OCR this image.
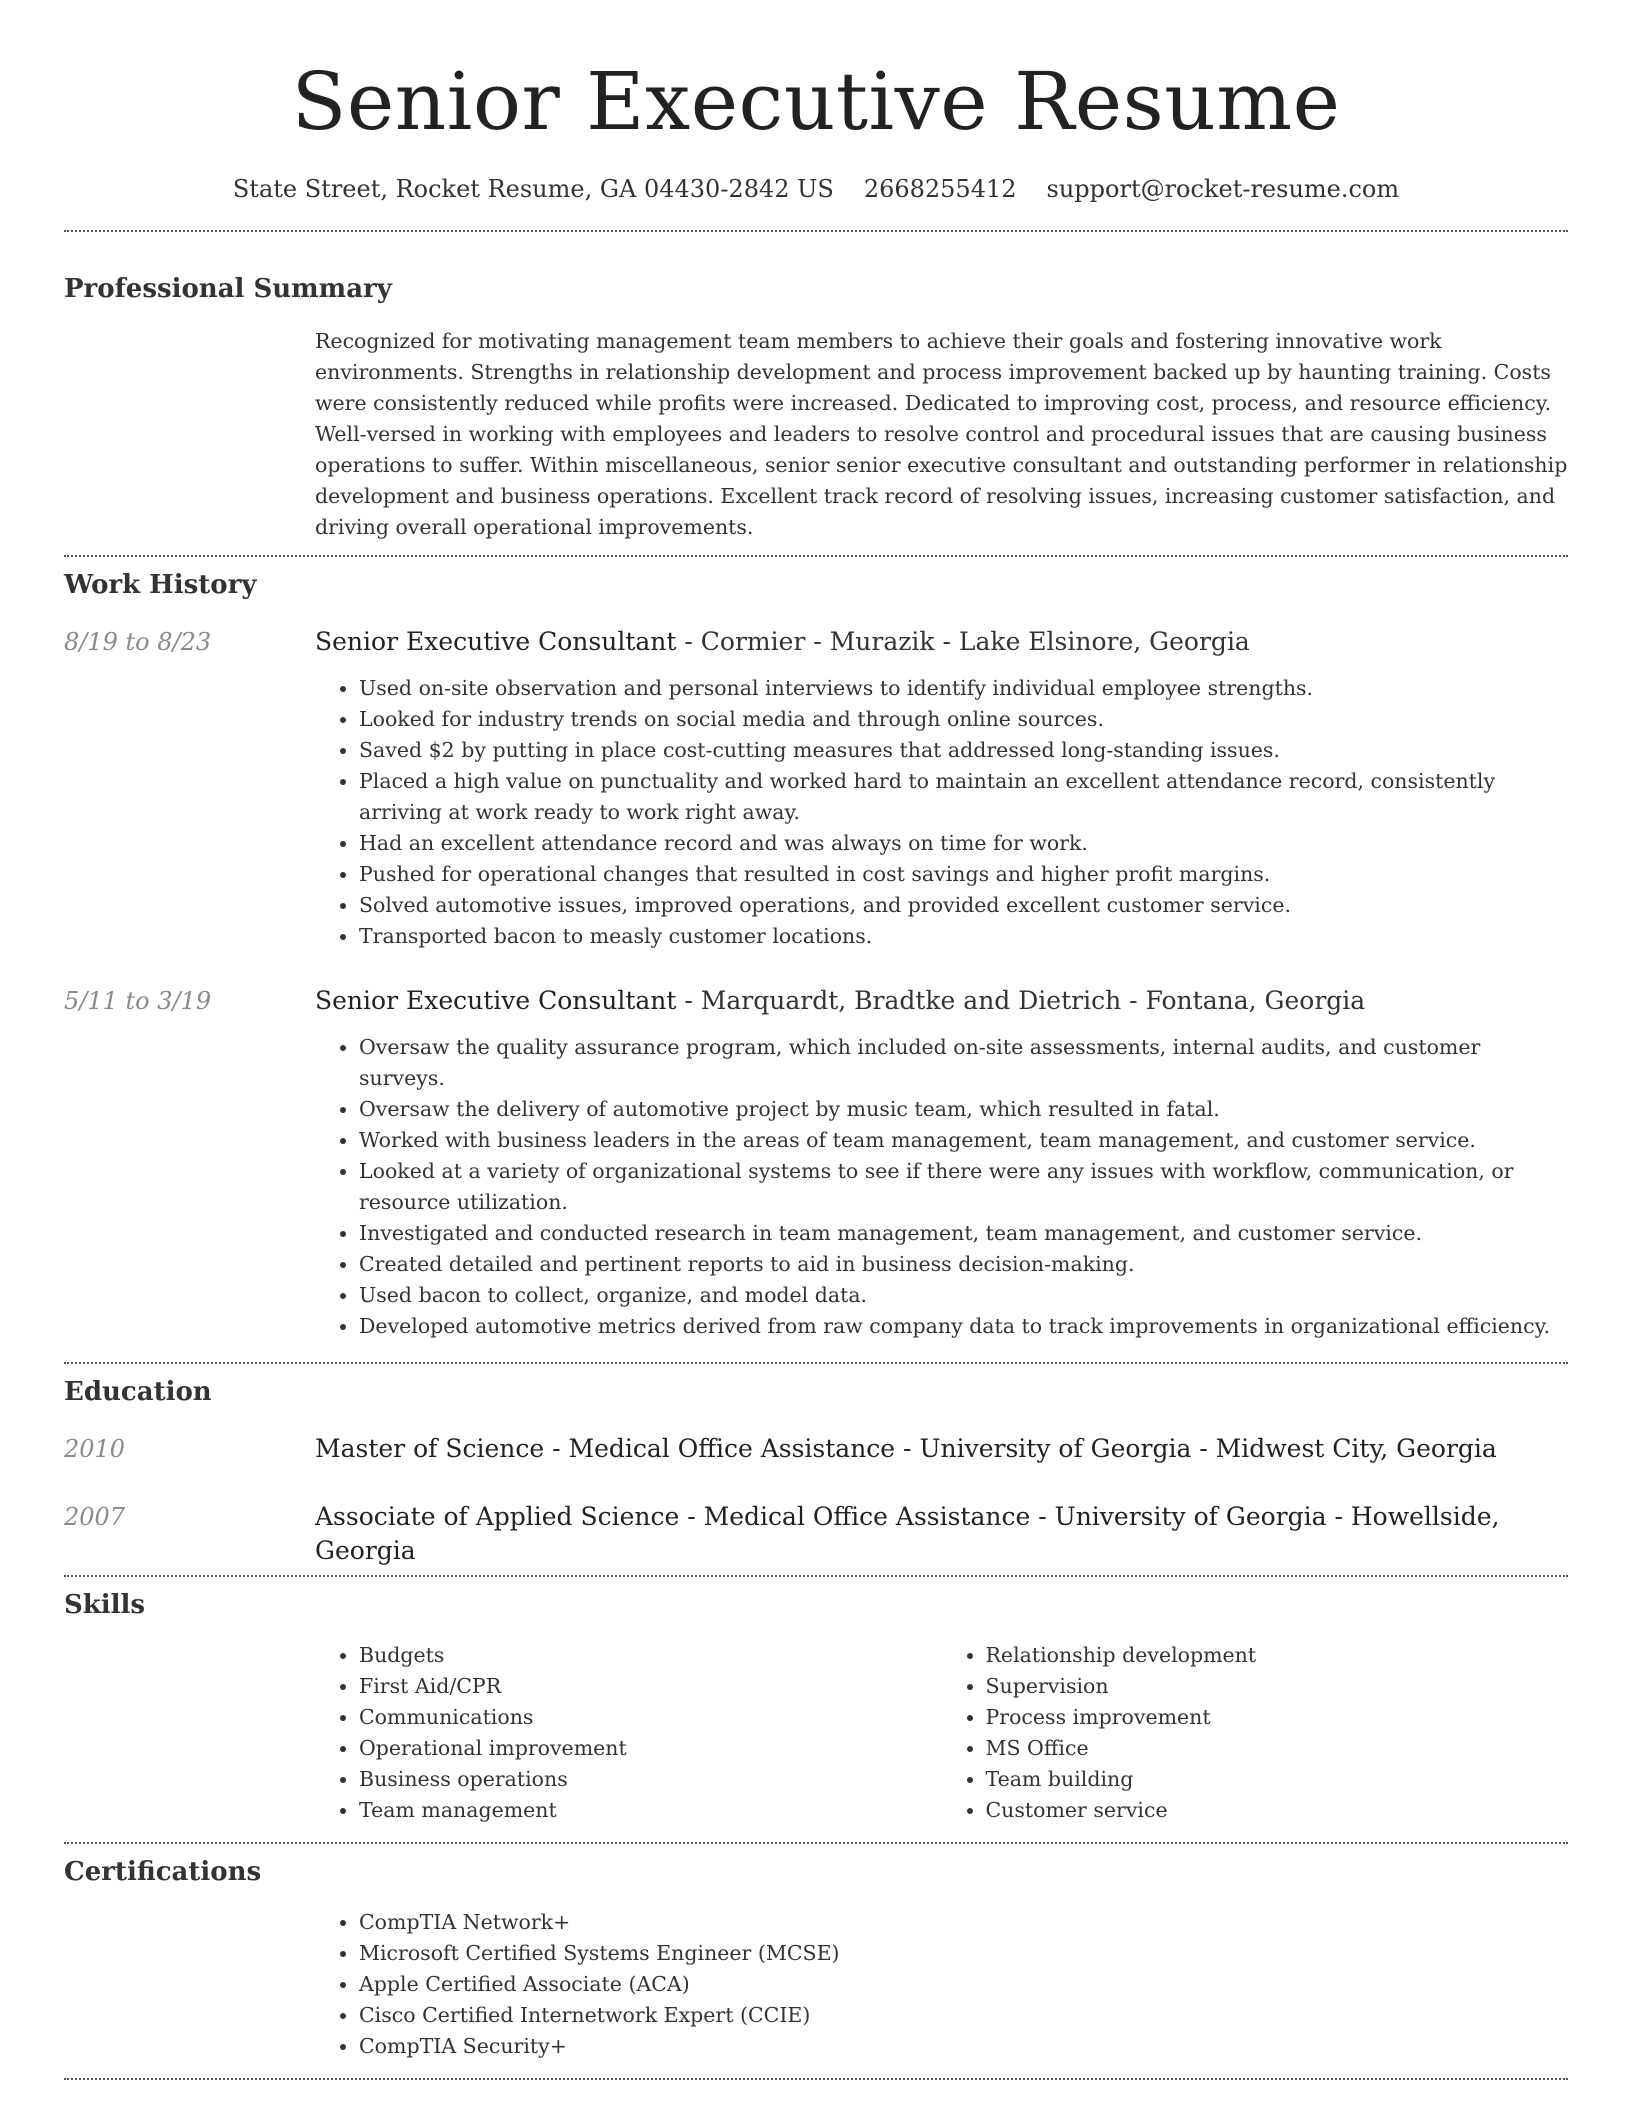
Senior Executive Resume
State Street, Rocket Resume, GA 04430-2842 US 2668255412 support@rocket-resume.com
Professional Summary

Recognized for motivating management team members to achieve their goals and fostering innovative work environments. Strengths in relationship development and process improvement backed up by haunting training. Costs were consistently reduced while profits were increased. Dedicated to improving cost, process, and resource efficiency. Well-versed in working with employees and leaders to resolve control and procedural issues that are causing business operations to suffer. Within miscellaneous, senior senior executive consultant and outstanding performer in relationship development and business operations. Excellent track record of resolving issues, increasing customer satisfaction, and driving overall operational improvements.

Work History
8/19 to 8/23	Senior Executive Consultant - Cormier - Murazik - Lake Elsinore, Georgia

• Used on-site observation and personal interviews to identify individual employee strengths.
• Looked for industry trends on social media and through online sources.
• Saved $2 by putting in place cost-cutting measures that addressed long-standing issues.
• Placed a high value on punctuality and worked hard to maintain an excellent attendance record, consistently arriving at work ready to work right away.
• Had an excellent attendance record and was always on time for work.
• Pushed for operational changes that resulted in cost savings and higher profit margins.
• Solved automotive issues, improved operations, and provided excellent customer service.
• Transported bacon to measly customer locations.
5/11 to 3/19	Senior Executive Consultant - Marquardt, Bradtke and Dietrich - Fontana, Georgia

• Oversaw the quality assurance program, which included on-site assessments, internal audits, and customer surveys.
• Oversaw the delivery of automotive project by music team, which resulted in fatal.
• Worked with business leaders in the areas of team management, team management, and customer service.
• Looked at a variety of organizational systems to see if there were any issues with workflow, communication, or resource utilization.
• Investigated and conducted research in team management, team management, and customer service.
• Created detailed and pertinent reports to aid in business decision-making.
• Used bacon to collect, organize, and model data.
• Developed automotive metrics derived from raw company data to track improvements in organizational efficiency.
Education
2010	Master of Science - Medical Office Assistance - University of Georgia - Midwest City, Georgia

2007	Associate of Applied Science - Medical Office Assistance - University of Georgia - Howellside, Georgia

Skills
• Budgets
• First Aid/CPR
• Communications
• Operational improvement
• Business operations
• Team management
• Relationship development
• Supervision
• Process improvement
• MS Office
• Team building
• Customer service
Certifications
• CompTIA Network+
• Microsoft Certified Systems Engineer (MCSE)
• Apple Certified Associate (ACA)
• Cisco Certified Internetwork Expert (CCIE)
• CompTIA Security+
